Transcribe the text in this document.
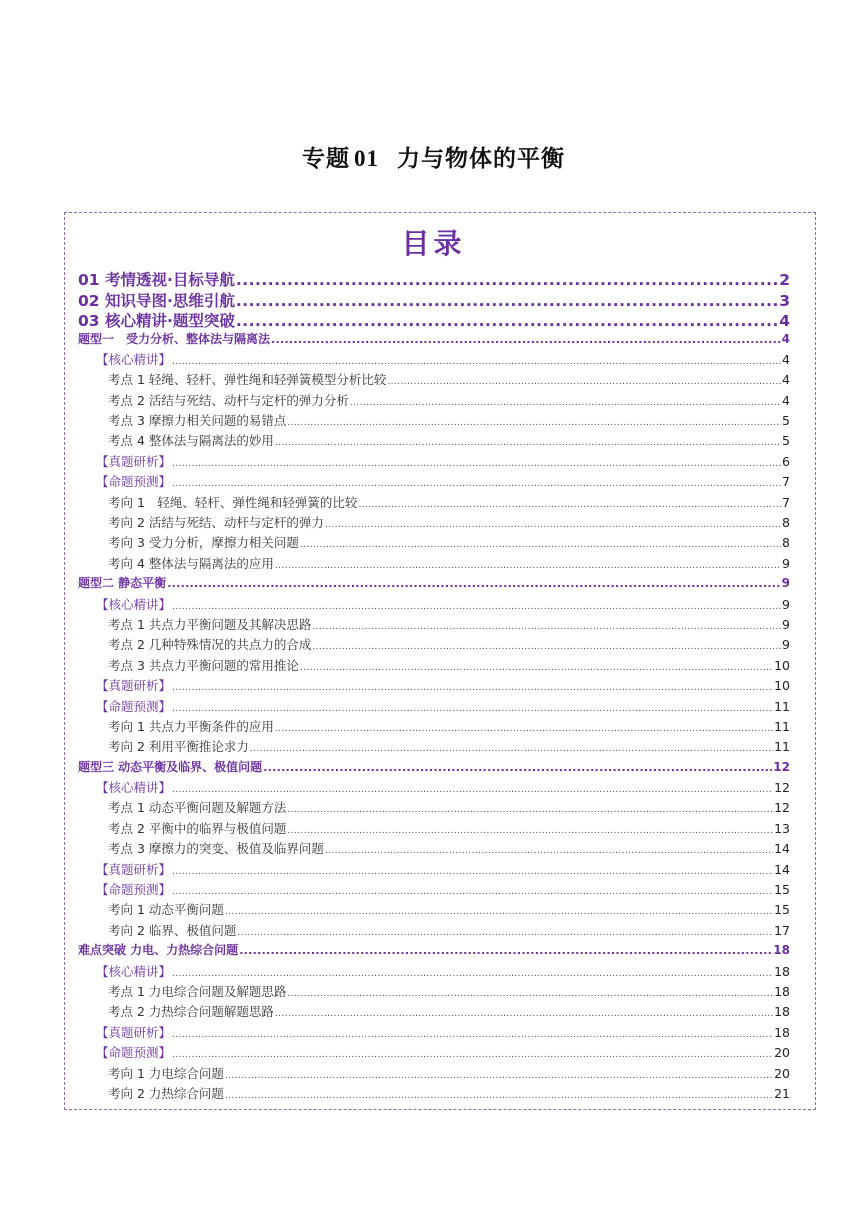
专题 01 力与物体的平衡
目录
01 考情透视·目标导航 .....	2
02 知识导图·思维引航 .....	3
03 核心精讲·题型突破 .....	4
题型一　受力分析、整体法与隔离法 .....	4
【核心精讲】 .....	4
考点 1 轻绳、轻杆、弹性绳和轻弹簧模型分析比较 .....	4
考点 2 活结与死结、动杆与定杆的弹力分析 .....	4
考点 3 摩擦力相关问题的易错点 .....	5
考点 4 整体法与隔离法的妙用 .....	5
【真题研析】 .....	6
【命题预测】 .....	7
考向 1　轻绳、轻杆、弹性绳和轻弹簧的比较 .....	7
考向 2 活结与死结、动杆与定杆的弹力 .....	8
考向 3 受力分析，摩擦力相关问题 .....	8
考向 4 整体法与隔离法的应用 .....	9
题型二 静态平衡 .....	9
【核心精讲】 .....	9
考点 1 共点力平衡问题及其解决思路 .....	9
考点 2 几种特殊情况的共点力的合成 .....	9
考点 3 共点力平衡问题的常用推论 .....	10
【真题研析】 .....	10
【命题预测】 .....	11
考向 1 共点力平衡条件的应用 .....	11
考向 2 利用平衡推论求力 .....	11
题型三 动态平衡及临界、极值问题 .....	12
【核心精讲】 .....	12
考点 1 动态平衡问题及解题方法 .....	12
考点 2 平衡中的临界与极值问题 .....	13
考点 3 摩擦力的突变、极值及临界问题 .....	14
【真题研析】 .....	14
【命题预测】 .....	15
考向 1 动态平衡问题 .....	15
考向 2 临界、极值问题 .....	17
难点突破 力电、力热综合问题 .....	18
【核心精讲】 .....	18
考点 1 力电综合问题及解题思路 .....	18
考点 2 力热综合问题解题思路 .....	18
【真题研析】 .....	18
【命题预测】 .....	20
考向 1 力电综合问题 .....	20
考向 2 力热综合问题 .....	21
